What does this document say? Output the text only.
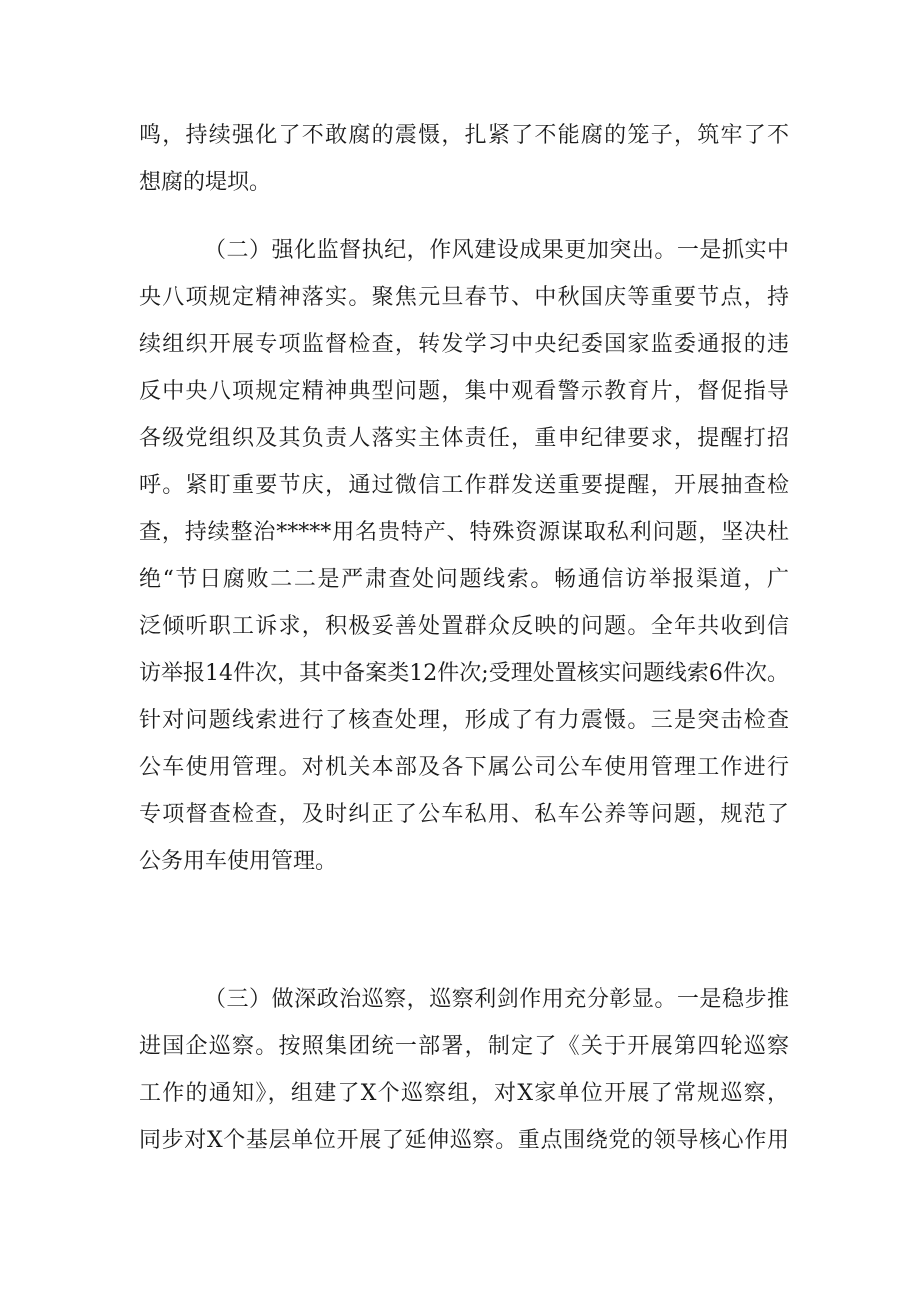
鸣，持续强化了不敢腐的震慑，扎紧了不能腐的笼子，筑牢了不
想腐的堤坝。
（二）强化监督执纪，作风建设成果更加突出。一是抓实中
央八项规定精神落实。聚焦元旦春节、中秋国庆等重要节点，持
续组织开展专项监督检查，转发学习中央纪委国家监委通报的违
反中央八项规定精神典型问题，集中观看警示教育片，督促指导
各级党组织及其负责人落实主体责任，重申纪律要求，提醒打招
呼。紧盯重要节庆，通过微信工作群发送重要提醒，开展抽查检
查，持续整治*****用名贵特产、特殊资源谋取私利问题，坚决杜
绝“节日腐败二二是严肃查处问题线索。畅通信访举报渠道，广
泛倾听职工诉求，积极妥善处置群众反映的问题。全年共收到信
访举报14件次，其中备案类12件次;受理处置核实问题线索6件次。
针对问题线索进行了核查处理，形成了有力震慑。三是突击检查
公车使用管理。对机关本部及各下属公司公车使用管理工作进行
专项督查检查，及时纠正了公车私用、私车公养等问题，规范了
公务用车使用管理。
（三）做深政治巡察，巡察利剑作用充分彰显。一是稳步推
进国企巡察。按照集团统一部署，制定了《关于开展第四轮巡察
工作的通知》，组建了X个巡察组，对X家单位开展了常规巡察，
同步对X个基层单位开展了延伸巡察。重点围绕党的领导核心作用
